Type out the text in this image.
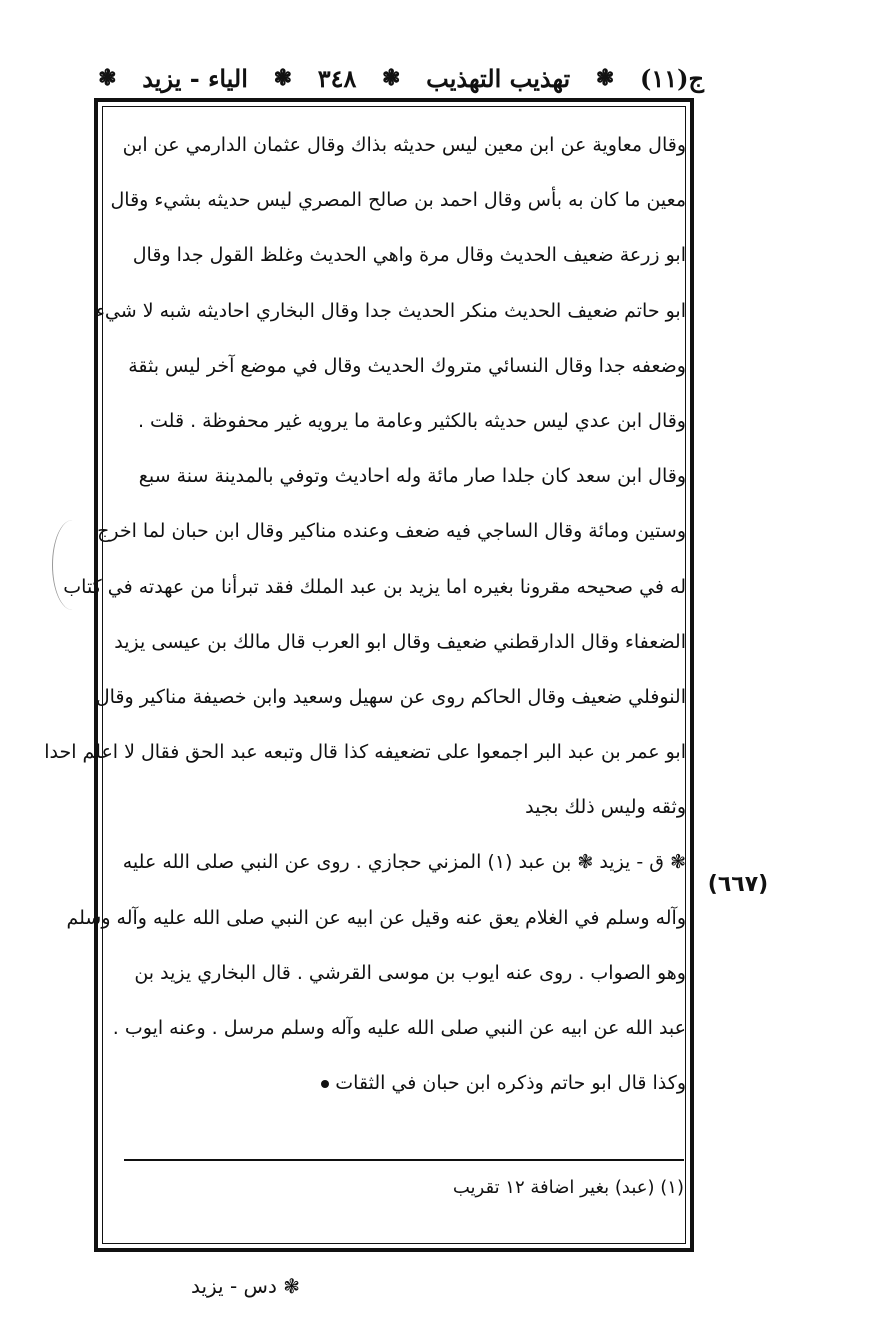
ج(١١)
❃
تهذيب التهذيب
❃
٣٤٨
❃
الياء - يزيد
❃
وقال معاوية عن ابن معين ليس حديثه بذاك وقال عثمان الدارمي عن ابن
معين ما كان به بأس وقال احمد بن صالح المصري ليس حديثه بشيء وقال
ابو زرعة ضعيف الحديث وقال مرة واهي الحديث وغلظ القول جدا وقال
ابو حاتم ضعيف الحديث منكر الحديث جدا وقال البخاري احاديثه شبه لا شيء
وضعفه جدا وقال النسائي متروك الحديث وقال في موضع آخر ليس بثقة
وقال ابن عدي ليس حديثه بالكثير وعامة ما يرويه غير محفوظة . قلت .
وقال ابن سعد كان جلدا صار مائة وله احاديث وتوفي بالمدينة سنة سبع
وستين ومائة وقال الساجي فيه ضعف وعنده مناكير وقال ابن حبان لما اخرج
له في صحيحه مقرونا بغيره اما يزيد بن عبد الملك فقد تبرأنا من عهدته في كتاب
الضعفاء وقال الدارقطني ضعيف وقال ابو العرب قال مالك بن عيسى يزيد
النوفلي ضعيف وقال الحاكم روى عن سهيل وسعيد وابن خصيفة مناكير وقال
ابو عمر بن عبد البر اجمعوا على تضعيفه كذا قال وتبعه عبد الحق فقال لا اعلم احدا
وثقه وليس ذلك بجيد
❃ ق - يزيد ❃ بن عبد (١) المزني حجازي . روى عن النبي صلى الله عليه
وآله وسلم في الغلام يعق عنه وقيل عن ابيه عن النبي صلى الله عليه وآله وسلم
وهو الصواب . روى عنه ايوب بن موسى القرشي . قال البخاري يزيد بن
عبد الله عن ابيه عن النبي صلى الله عليه وآله وسلم مرسل . وعنه ايوب .
وكذا قال ابو حاتم وذكره ابن حبان في الثقات
(٦٦٧)
(١) (عبد) بغير اضافة ١٢ تقريب
❃ دس - يزيد
